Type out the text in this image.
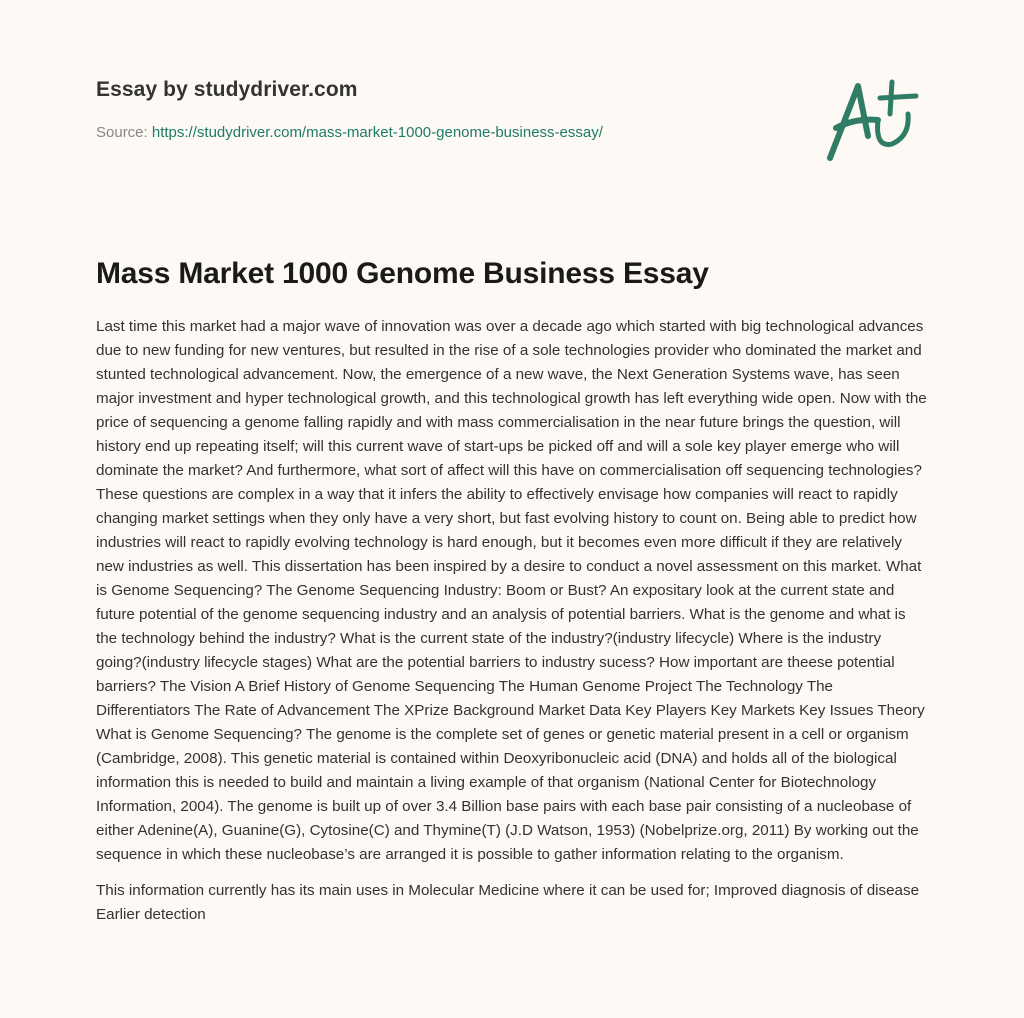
Essay by studydriver.com
Source: https://studydriver.com/mass-market-1000-genome-business-essay/
Mass Market 1000 Genome Business Essay

Last time this market had a major wave of innovation was over a decade ago which started with big technological advances due to new funding for new ventures, but resulted in the rise of a sole technologies provider who dominated the market and stunted technological advancement. Now, the emergence of a new wave, the Next Generation Systems wave, has seen major investment and hyper technological growth, and this technological growth has left everything wide open. Now with the price of sequencing a genome falling rapidly and with mass commercialisation in the near future brings the question, will history end up repeating itself; will this current wave of start-ups be picked off and will a sole key player emerge who will dominate the market? And furthermore, what sort of affect will this have on commercialisation off sequencing technologies? These questions are complex in a way that it infers the ability to effectively envisage how companies will react to rapidly changing market settings when they only have a very short, but fast evolving history to count on. Being able to predict how industries will react to rapidly evolving technology is hard enough, but it becomes even more difficult if they are relatively new industries as well. This dissertation has been inspired by a desire to conduct a novel assessment on this market. What is Genome Sequencing? The Genome Sequencing Industry: Boom or Bust? An expositary look at the current state and future potential of the genome sequencing industry and an analysis of potential barriers. What is the genome and what is the technology behind the industry? What is the current state of the industry?(industry lifecycle) Where is the industry going?(industry lifecycle stages) What are the potential barriers to industry sucess? How important are theese potential barriers? The Vision A Brief History of Genome Sequencing The Human Genome Project The Technology The Differentiators The Rate of Advancement The XPrize Background Market Data Key Players Key Markets Key Issues Theory What is Genome Sequencing? The genome is the complete set of genes or genetic material present in a cell or organism (Cambridge, 2008). This genetic material is contained within Deoxyribonucleic acid (DNA) and holds all of the biological information this is needed to build and maintain a living example of that organism (National Center for Biotechnology Information, 2004). The genome is built up of over 3.4 Billion base pairs with each base pair consisting of a nucleobase of either Adenine(A), Guanine(G), Cytosine(C) and Thymine(T) (J.D Watson, 1953) (Nobelprize.org, 2011) By working out the sequence in which these nucleobase’s are arranged it is possible to gather information relating to the organism.

This information currently has its main uses in Molecular Medicine where it can be used for; Improved diagnosis of disease Earlier detection
